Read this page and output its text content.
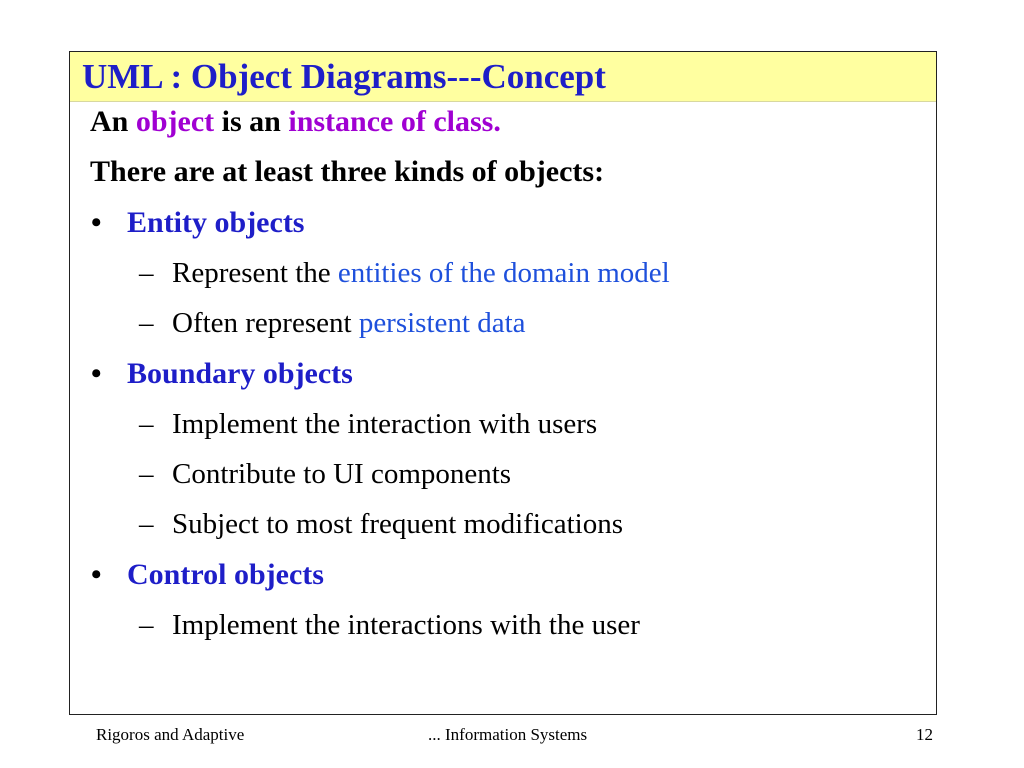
UML : Object Diagrams---Concept
An object is an instance of class.
There are at least three kinds of objects:
• Entity objects
– Represent the entities of the domain model
– Often represent persistent data
• Boundary objects
– Implement the interaction with users
– Contribute to UI components
– Subject to most frequent modifications
• Control objects
– Implement the interactions with the user
Rigoros and Adaptive	... Information Systems	12
